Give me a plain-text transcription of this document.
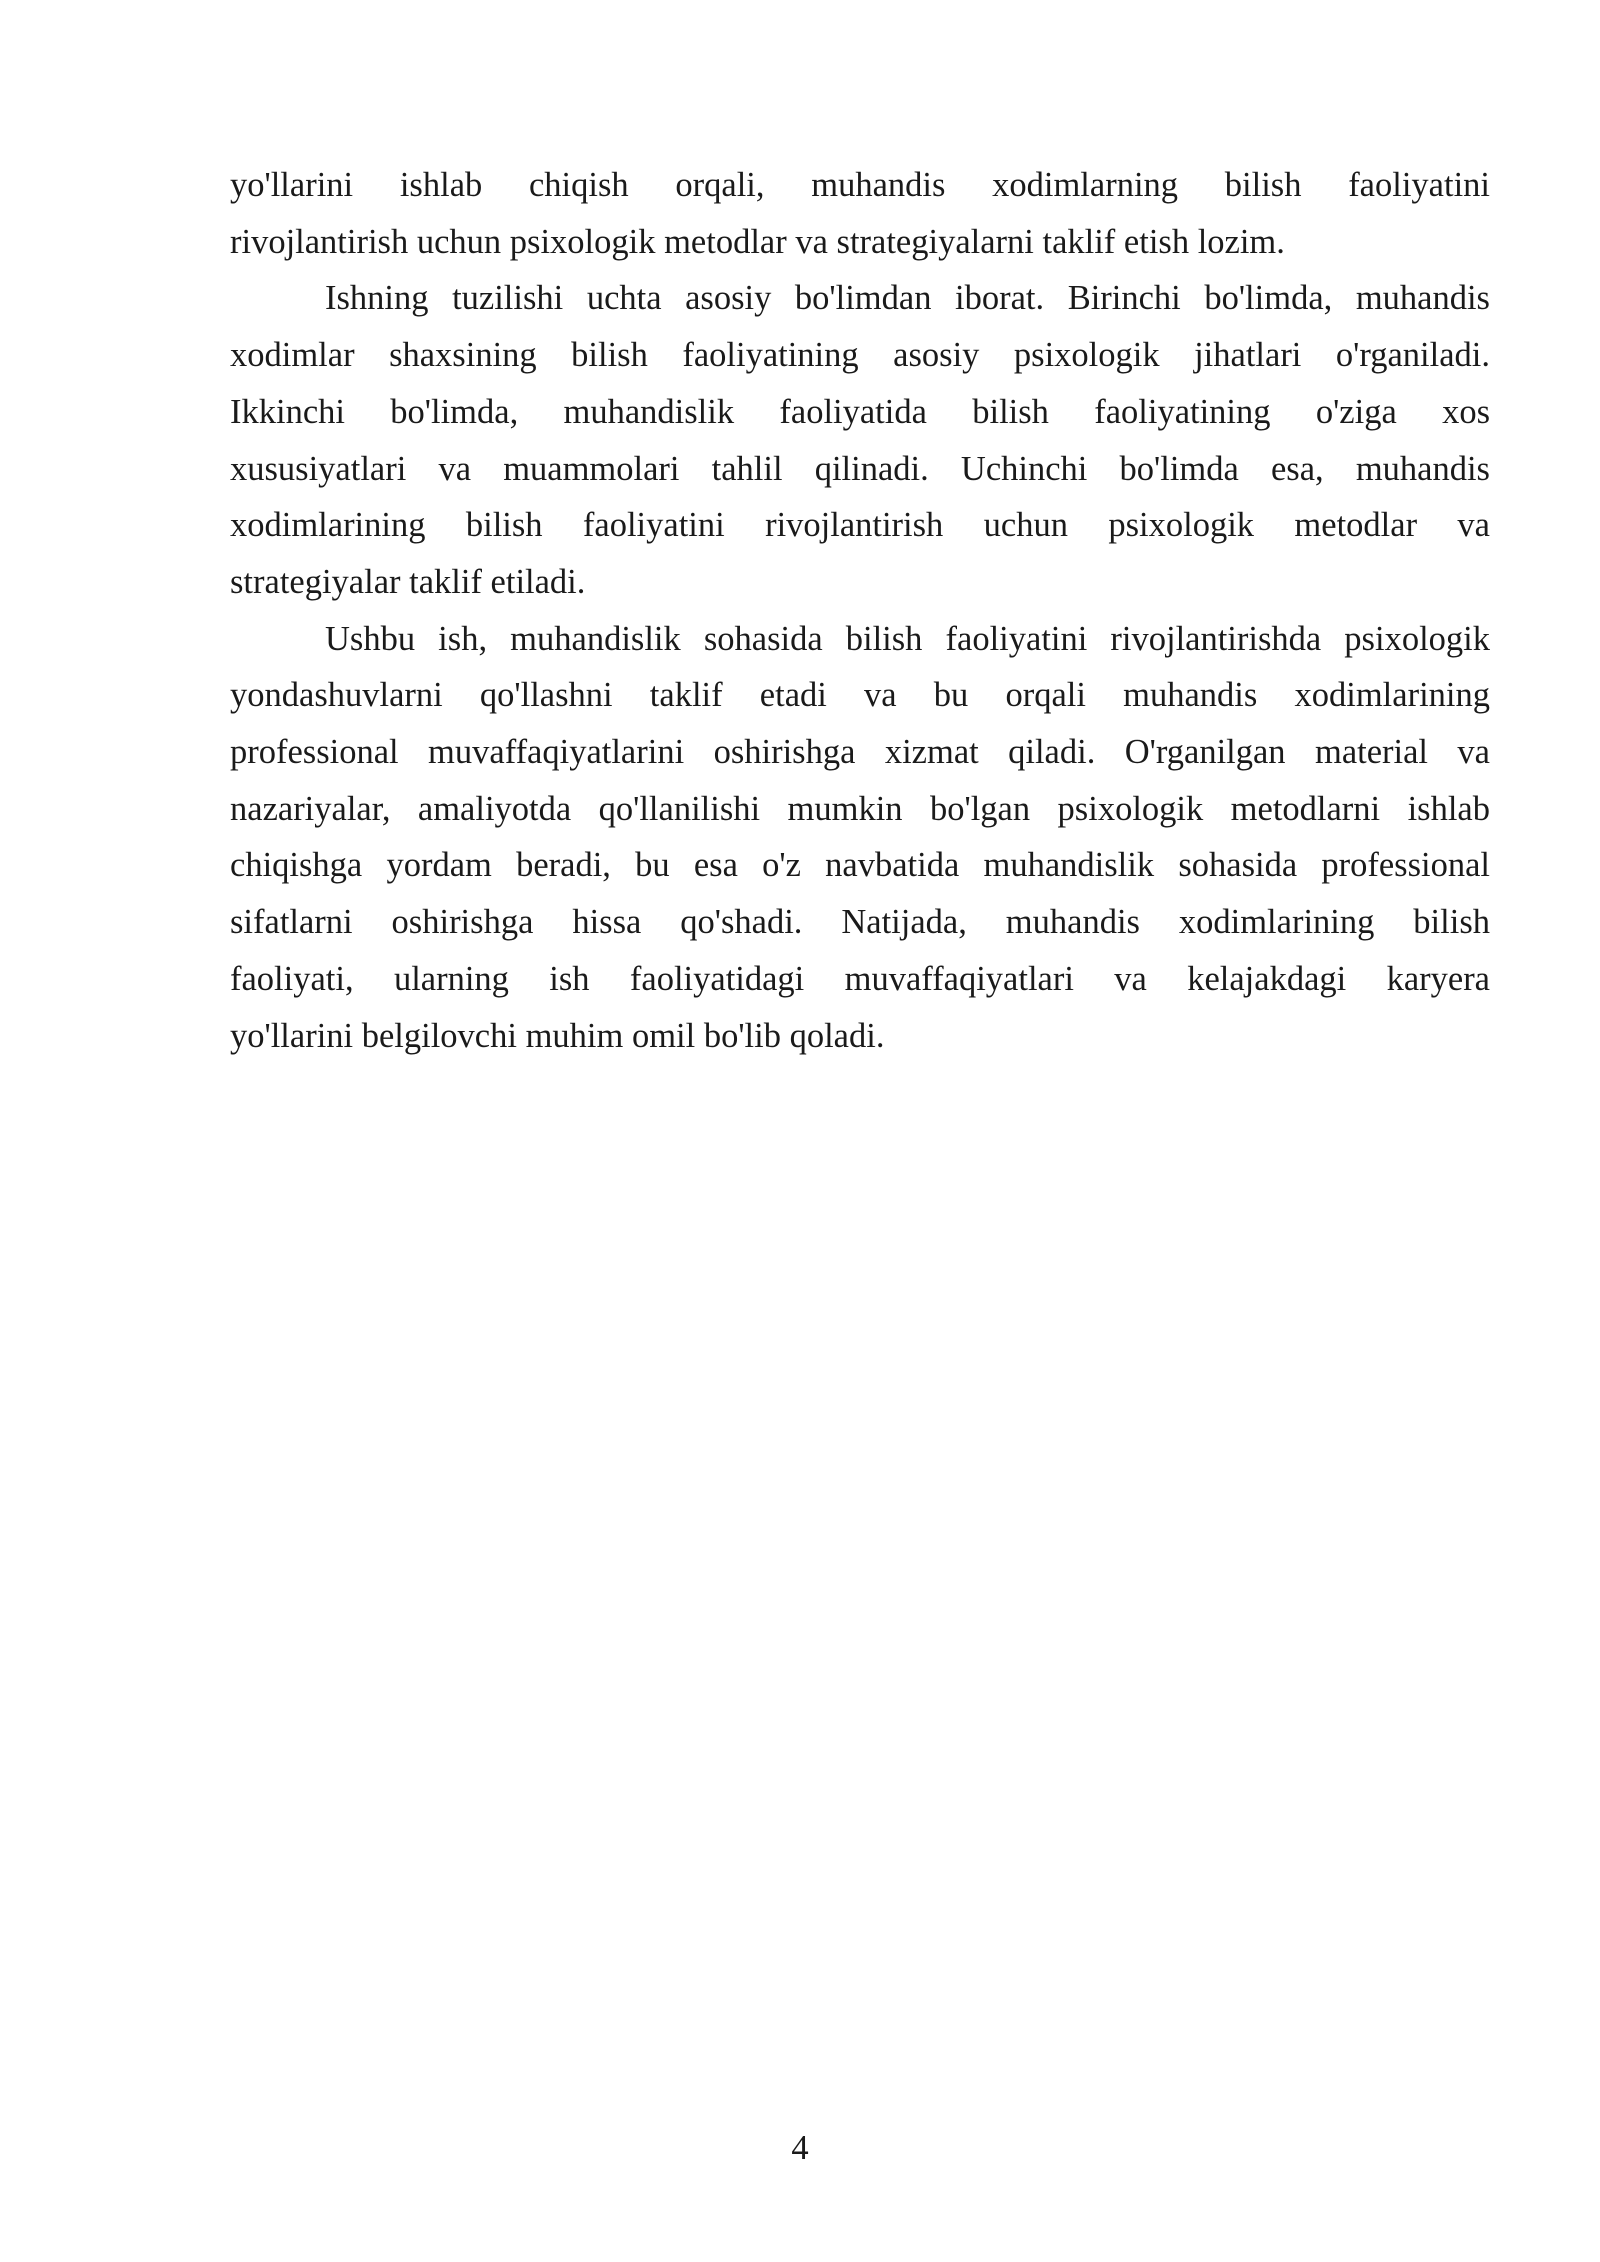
yo'llarini ishlab chiqish orqali, muhandis xodimlarning bilish faoliyatini
rivojlantirish uchun psixologik metodlar va strategiyalarni taklif etish lozim.

Ishning tuzilishi uchta asosiy bo'limdan iborat. Birinchi bo'limda, muhandis
xodimlar shaxsining bilish faoliyatining asosiy psixologik jihatlari o'rganiladi.
Ikkinchi bo'limda, muhandislik faoliyatida bilish faoliyatining o'ziga xos
xususiyatlari va muammolari tahlil qilinadi. Uchinchi bo'limda esa, muhandis
xodimlarining bilish faoliyatini rivojlantirish uchun psixologik metodlar va
strategiyalar taklif etiladi.

Ushbu ish, muhandislik sohasida bilish faoliyatini rivojlantirishda psixologik
yondashuvlarni qo'llashni taklif etadi va bu orqali muhandis xodimlarining
professional muvaffaqiyatlarini oshirishga xizmat qiladi. O'rganilgan material va
nazariyalar, amaliyotda qo'llanilishi mumkin bo'lgan psixologik metodlarni ishlab
chiqishga yordam beradi, bu esa o'z navbatida muhandislik sohasida professional
sifatlarni oshirishga hissa qo'shadi. Natijada, muhandis xodimlarining bilish
faoliyati, ularning ish faoliyatidagi muvaffaqiyatlari va kelajakdagi karyera
yo'llarini belgilovchi muhim omil bo'lib qoladi.

4
